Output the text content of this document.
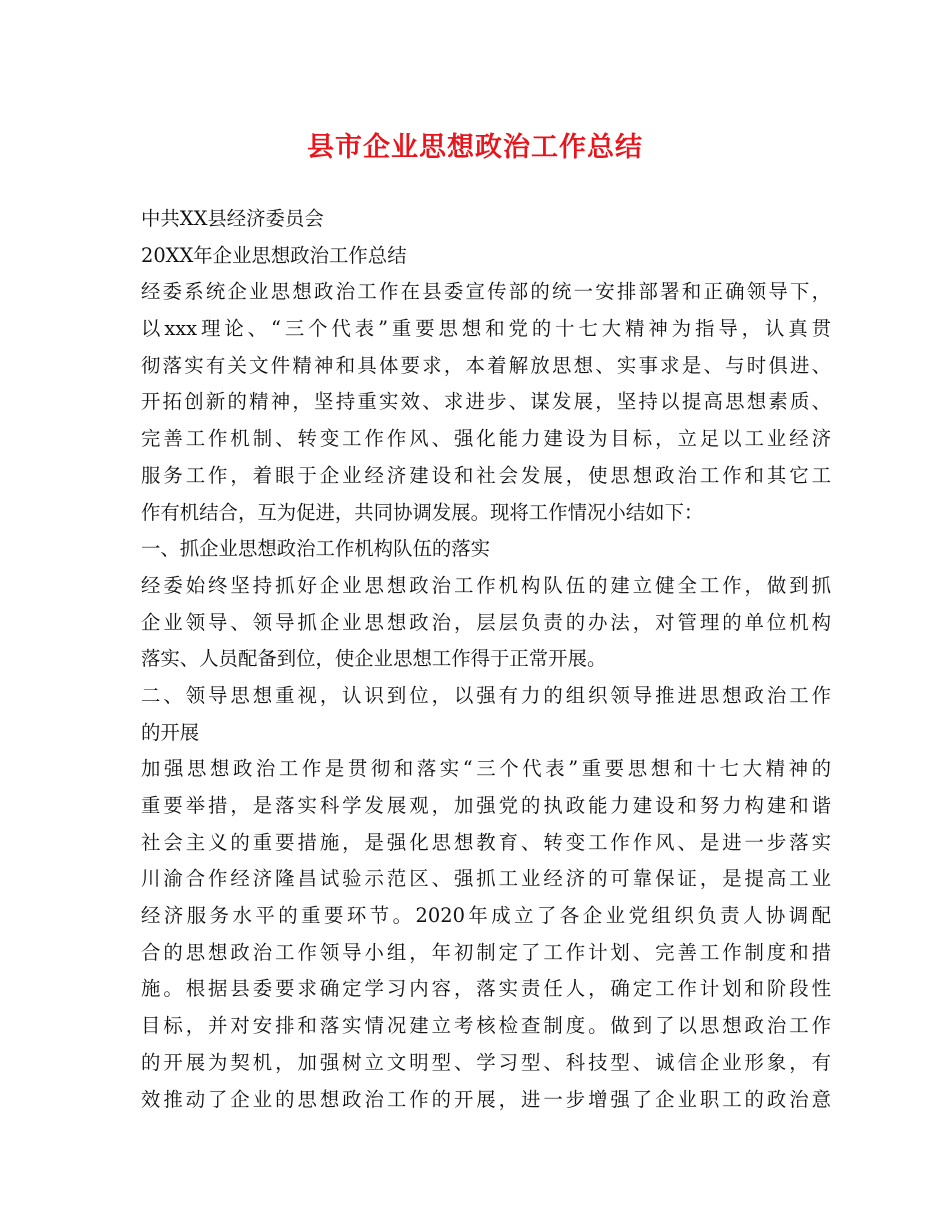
县市企业思想政治工作总结
中共XX县经济委员会
20XX年企业思想政治工作总结
经委系统企业思想政治工作在县委宣传部的统一安排部署和正确领导下，
以xxx理论、“三个代表”重要思想和党的十七大精神为指导，认真贯
彻落实有关文件精神和具体要求，本着解放思想、实事求是、与时俱进、
开拓创新的精神，坚持重实效、求进步、谋发展，坚持以提高思想素质、
完善工作机制、转变工作作风、强化能力建设为目标，立足以工业经济
服务工作，着眼于企业经济建设和社会发展，使思想政治工作和其它工
作有机结合，互为促进，共同协调发展。现将工作情况小结如下：
一、抓企业思想政治工作机构队伍的落实
经委始终坚持抓好企业思想政治工作机构队伍的建立健全工作，做到抓
企业领导、领导抓企业思想政治，层层负责的办法，对管理的单位机构
落实、人员配备到位，使企业思想工作得于正常开展。
二、领导思想重视，认识到位，以强有力的组织领导推进思想政治工作
的开展
加强思想政治工作是贯彻和落实“三个代表”重要思想和十七大精神的
重要举措，是落实科学发展观，加强党的执政能力建设和努力构建和谐
社会主义的重要措施，是强化思想教育、转变工作作风、是进一步落实
川渝合作经济隆昌试验示范区、强抓工业经济的可靠保证，是提高工业
经济服务水平的重要环节。2020年成立了各企业党组织负责人协调配
合的思想政治工作领导小组，年初制定了工作计划、完善工作制度和措
施。根据县委要求确定学习内容，落实责任人，确定工作计划和阶段性
目标，并对安排和落实情况建立考核检查制度。做到了以思想政治工作
的开展为契机，加强树立文明型、学习型、科技型、诚信企业形象，有
效推动了企业的思想政治工作的开展，进一步增强了企业职工的政治意
